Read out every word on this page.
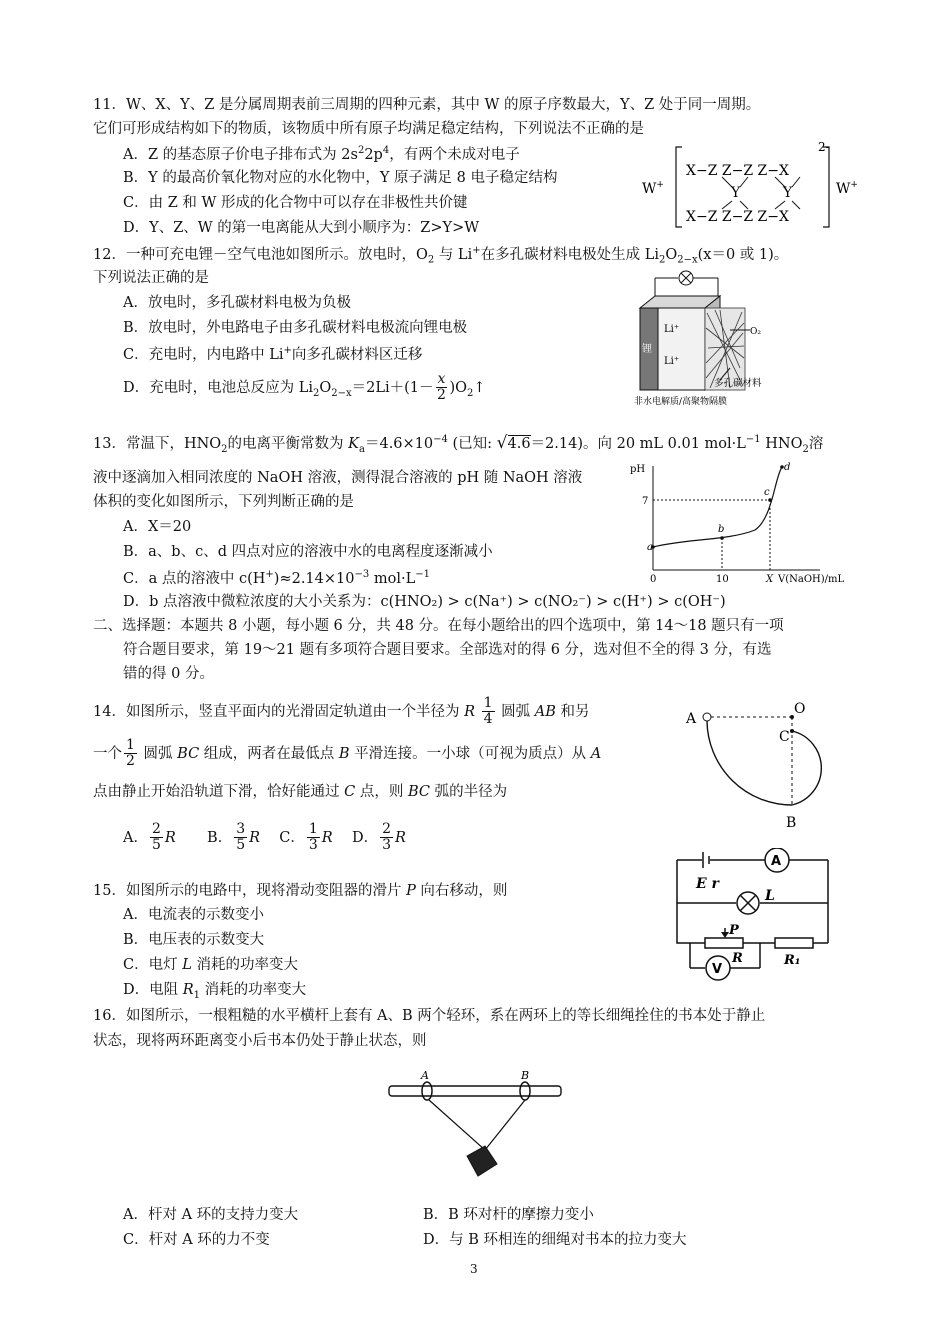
11．W、X、Y、Z 是分属周期表前三周期的四种元素，其中 W 的原子序数最大，Y、Z 处于同一周期。
它们可形成结构如下的物质，该物质中所有原子均满足稳定结构，下列说法不正确的是
A．Z 的基态原子价电子排布式为 $2s^22p^4$，有两个未成对电子
B．Y 的最高价氧化物对应的水化物中，Y 原子满足 8 电子稳定结构
C．由 Z 和 W 形成的化合物中可以存在非极性共价键
D．Y、Z、W 的第一电离能从大到小顺序为：Z>Y>W
W+
2-
X−Z Z−Z Z−X
Y	Y
X−Z Z−Z Z−X
W+
12．一种可充电锂－空气电池如图所示。放电时，$O_2$ 与 Li+在多孔碳材料电极处生成 $Li_2O_{2-x}(x=0$ 或 1)。
下列说法正确的是
A．放电时，多孔碳材料电极为负极
B．放电时，外电路电子由多孔碳材料电极流向锂电极
C．充电时，内电路中 Li+向多孔碳材料区迁移
D．充电时，电池总反应为 $Li_2O_{2-x}=2Li+(1- \frac{x}{2}$ )$O_2↑$
锂
Li⁺
Li⁺
O₂
多孔碳材料
非水电解质/高聚物隔膜
13．常温下，$HNO_2$的电离平衡常数为 $K_a=4.6\times 10^{-4}$ (已知: √4.6＝2.14)。向 20 mL 0.01 $mol\cdot L^{-1}$ $HNO_2$溶
液中逐滴加入相同浓度的 NaOH 溶液，测得混合溶液的 pH 随 NaOH 溶液
体积的变化如图所示，下列判断正确的是
A．X＝20
B．a、b、c、d 四点对应的溶液中水的电离程度逐渐减小
C．a 点的溶液中 $c(H^+)\approx 2.14\times 10^{-3}$ $mol\cdot L^{-1}$
D．b 点溶液中微粒浓度的大小关系为：c(HNO₂) > c(Na⁺) > c(NO₂⁻) > c(H⁺) > c(OH⁻)
pH
7
a
b
c
d
0	10	X V(NaOH)/mL
二、选择题：本题共 8 小题，每小题 6 分，共 48 分。在每小题给出的四个选项中，第 14～18 题只有一项
符合题目要求，第 19～21 题有多项符合题目要求。全部选对的得 6 分，选对但不全的得 3 分，有选
错的得 0 分。
14．如图所示，竖直平面内的光滑固定轨道由一个半径为 R $\frac{1}{4}$ 圆弧 AB 和另
一个 $\frac{1}{2}$ 圆弧 BC 组成，两者在最低点 B 平滑连接。一小球（可视为质点）从 A
点由静止开始沿轨道下滑，恰好能通过 C 点，则 BC 弧的半径为
A． $\frac{2}{5}$ R B． $\frac{3}{5}$ R C． $\frac{1}{3}$ R D． $\frac{2}{3}$ R
A
O
C
B
15．如图所示的电路中，现将滑动变阻器的滑片 P 向右移动，则
A．电流表的示数变小
B．电压表的示数变大
C．电灯 L 消耗的功率变大
D．电阻 $R_1$ 消耗的功率变大
A
E r
L
P
V
R	R₁
16．如图所示，一根粗糙的水平横杆上套有 A、B 两个轻环，系在两环上的等长细绳拴住的书本处于静止
状态，现将两环距离变小后书本仍处于静止状态，则
A	B
A．杆对 A 环的支持力变大	B．B 环对杆的摩擦力变小
C．杆对 A 环的力不变	D．与 B 环相连的细绳对书本的拉力变大
3
